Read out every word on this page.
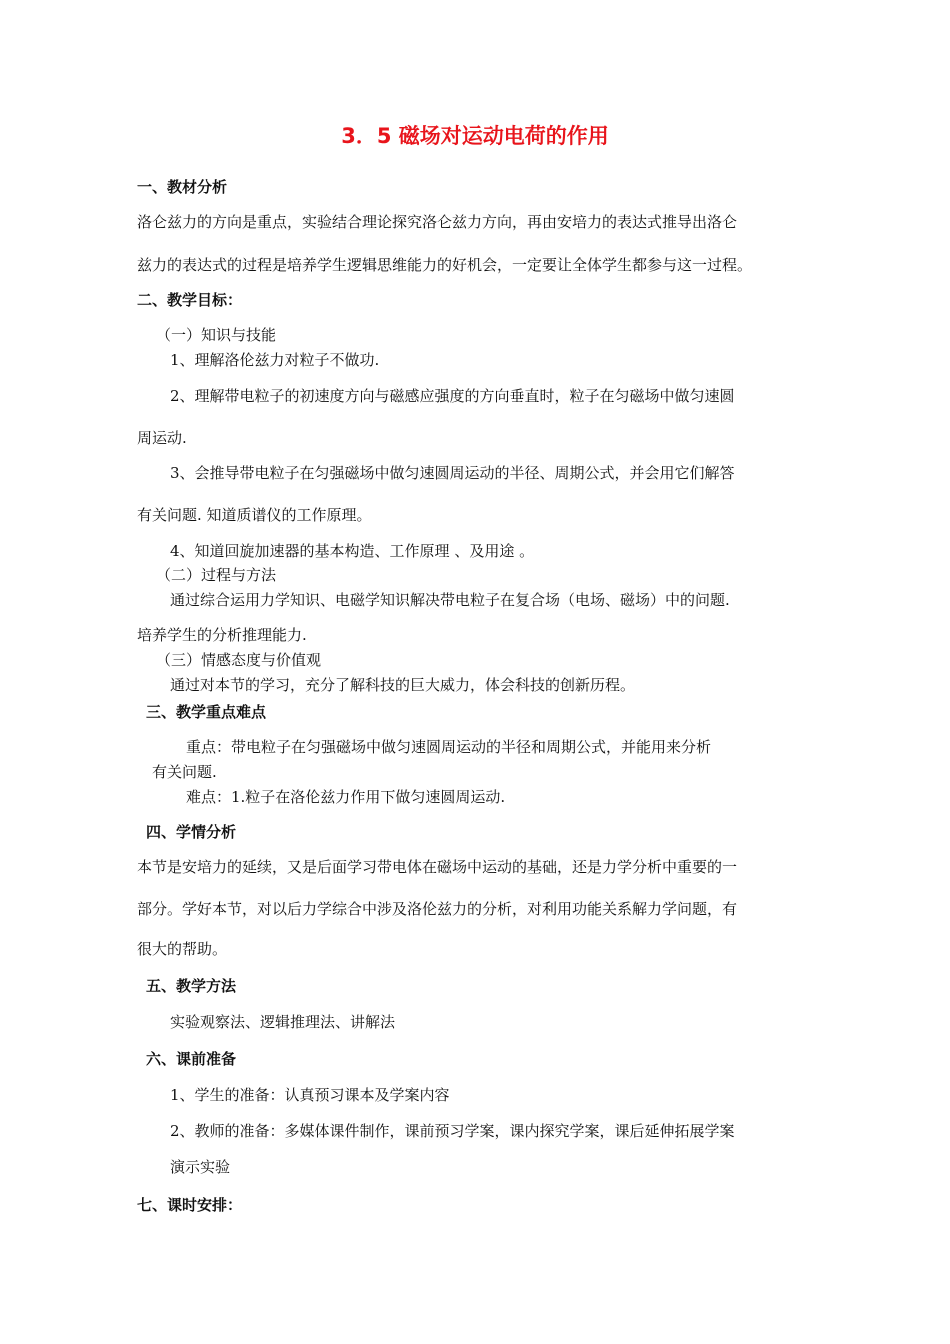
3．5 磁场对运动电荷的作用
一、教材分析
洛仑兹力的方向是重点，实验结合理论探究洛仑兹力方向，再由安培力的表达式推导出洛仑
兹力的表达式的过程是培养学生逻辑思维能力的好机会，一定要让全体学生都参与这一过程。
二、教学目标：
（一）知识与技能
1、理解洛伦兹力对粒子不做功.
2、理解带电粒子的初速度方向与磁感应强度的方向垂直时，粒子在匀磁场中做匀速圆
周运动.
3、会推导带电粒子在匀强磁场中做匀速圆周运动的半径、周期公式，并会用它们解答
有关问题. 知道质谱仪的工作原理。
4、知道回旋加速器的基本构造、工作原理 、及用途 。
（二）过程与方法
通过综合运用力学知识、电磁学知识解决带电粒子在复合场（电场、磁场）中的问题.
培养学生的分析推理能力.
（三）情感态度与价值观
通过对本节的学习，充分了解科技的巨大威力，体会科技的创新历程。
三、教学重点难点
重点：带电粒子在匀强磁场中做匀速圆周运动的半径和周期公式，并能用来分析
有关问题.
难点：1.粒子在洛伦兹力作用下做匀速圆周运动.
四、学情分析
本节是安培力的延续，又是后面学习带电体在磁场中运动的基础，还是力学分析中重要的一
部分。学好本节，对以后力学综合中涉及洛伦兹力的分析，对利用功能关系解力学问题，有
很大的帮助。
五、教学方法
实验观察法、逻辑推理法、讲解法
六、课前准备
1、学生的准备：认真预习课本及学案内容
2、教师的准备：多媒体课件制作，课前预习学案，课内探究学案，课后延伸拓展学案
演示实验
七、课时安排：
